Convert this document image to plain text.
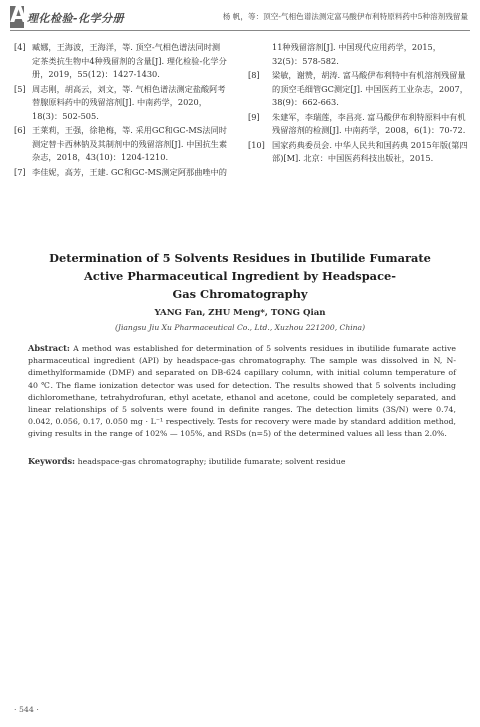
A 理化检验-化学分册	杨 帆，等：顶空-气相色谱法测定富马酸伊布利特原料药中5种溶剂残留量
[4] 臧娜，王海波，王海洋，等. 顶空-气相色谱法同时测定茶类抗生物中4种残留剂的含量[J]. 理化检验-化学分册，2019，55(12)：1427-1430.
[5] 周志刚，胡高云，刘文，等. 气相色谱法测定盐酸阿考替腺原料药中的残留溶剂[J]. 中南药学，2020，18(3)：502-505.
[6] 王莱莉，王强，徐艳梅，等. 采用GC和GC-MS法同时测定替卡西林钠及其制剂中的残留溶剂[J]. 中国抗生素杂志，2018，43(10)：1204-1210.
[7] 李佳妮，高芳，王建. GC和GC-MS测定阿那曲唑中的
11种残留溶剂[J]. 中国现代应用药学，2015，32(5)：578-582.
[8] 梁敏，谢赞，胡涛. 富马酸伊布利特中有机溶剂残留量的顶空毛细管GC测定[J]. 中国医药工业杂志，2007，38(9)：662-663.
[9] 朱建军，李瑞莲，李昌亮. 富马酸伊布利特原料中有机残留溶剂的检测[J]. 中南药学，2008，6(1)：70-72.
[10] 国家药典委员会. 中华人民共和国药典 2015年版(第四部)[M]. 北京：中国医药科技出版社，2015.
Determination of 5 Solvents Residues in Ibutilide Fumarate
Active Pharmaceutical Ingredient by Headspace-
Gas Chromatography
YANG Fan, ZHU Meng*, TONG Qian
(Jiangsu Jiu Xu Pharmaceutical Co., Ltd., Xuzhou 221200, China)
Abstract: A method was established for determination of 5 solvents residues in ibutilide fumarate active pharmaceutical ingredient (API) by headspace-gas chromatography. The sample was dissolved in N, N-dimethylformamide (DMF) and separated on DB-624 capillary column, with initial column temperature of 40 ℃. The flame ionization detector was used for detection. The results showed that 5 solvents including dichloromethane, tetrahydrofuran, ethyl acetate, ethanol and acetone, could be completely separated, and linear relationships of 5 solvents were found in definite ranges. The detection limits (3S/N) were 0.74, 0.042, 0.056, 0.17, 0.050 mg · L⁻¹ respectively. Tests for recovery were made by standard addition method, giving results in the range of 102% — 105%, and RSDs (n=5) of the determined values all less than 2.0%.
Keywords: headspace-gas chromatography; ibutilide fumarate; solvent residue
· 544 ·
